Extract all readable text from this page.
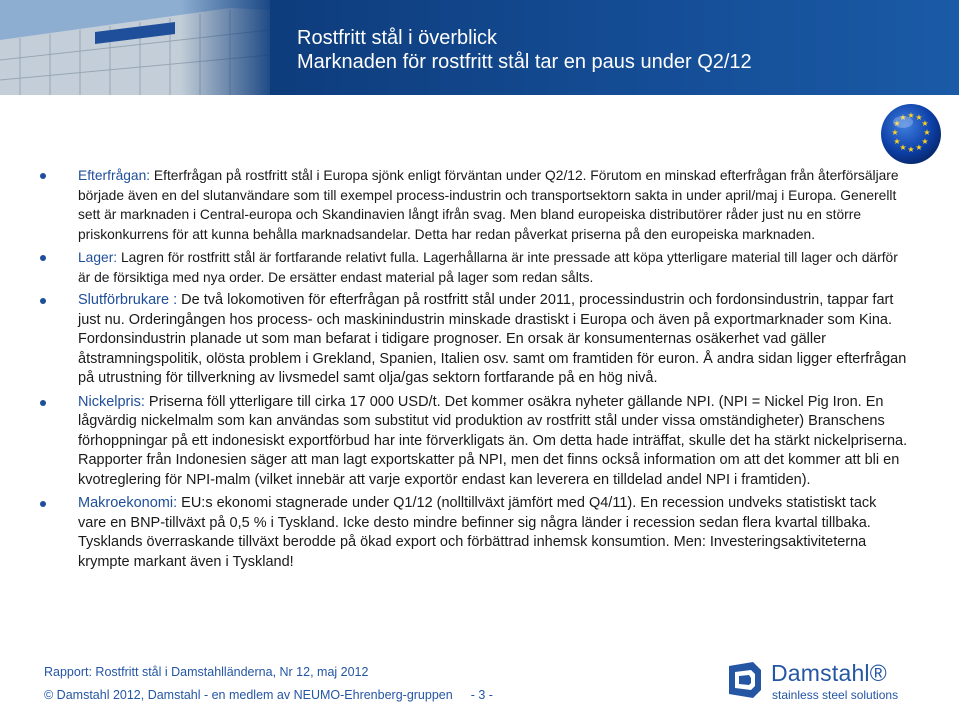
Rostfritt stål i överblick
Marknaden för rostfritt stål tar en paus under Q2/12
★ ★
★
★
★
★
★
★
★
★
★
★
Efterfrågan: Efterfrågan på rostfritt stål i Europa sjönk enligt förväntan under Q2/12. Förutom en minskad efterfrågan från återförsäljare började även en del slutanvändare som till exempel process-industrin och transportsektorn sakta in under april/maj i Europa. Generellt sett är marknaden i Central-europa och Skandinavien långt ifrån svag. Men bland europeiska distributörer råder just nu en större priskonkurrens för att kunna behålla marknadsandelar. Detta har redan påverkat priserna på den europeiska marknaden.
Lager: Lagren för rostfritt stål är fortfarande relativt fulla. Lagerhållarna är inte pressade att köpa ytterligare material till lager och därför är de försiktiga med nya order. De ersätter endast material på lager som redan sålts.
Slutförbrukare : De två lokomotiven för efterfrågan på rostfritt stål under 2011, processindustrin och fordonsindustrin, tappar fart just nu. Orderingången hos process- och maskinindustrin minskade drastiskt i Europa och även på exportmarknader som Kina. Fordonsindustrin planade ut som man befarat i tidigare prognoser. En orsak är konsumenternas osäkerhet vad gäller åtstramningspolitik, olösta problem i Grekland, Spanien, Italien osv. samt om framtiden för euron. Å andra sidan ligger efterfrågan på utrustning för tillverkning av livsmedel samt olja/gas sektorn fortfarande på en hög nivå.
Nickelpris: Priserna föll ytterligare till cirka 17 000 USD/t. Det kommer osäkra nyheter gällande NPI. (NPI = Nickel Pig Iron. En lågvärdig nickelmalm som kan användas som substitut vid produktion av rostfritt stål under vissa omständigheter) Branschens förhoppningar på ett indonesiskt exportförbud har inte förverkligats än. Om detta hade inträffat, skulle det ha stärkt nickelpriserna. Rapporter från Indonesien säger att man lagt exportskatter på NPI, men det finns också information om att det kommer att bli en kvotreglering för NPI-malm (vilket innebär att varje exportör endast kan leverera en tilldelad andel NPI i framtiden).
Makroekonomi: EU:s ekonomi stagnerade under Q1/12 (nolltillväxt jämfört med Q4/11). En recession undveks statistiskt tack vare en BNP-tillväxt på 0,5 % i Tyskland. Icke desto mindre befinner sig några länder i recession sedan flera kvartal tillbaka. Tysklands överraskande tillväxt berodde på ökad export och förbättrad inhemsk konsumtion. Men: Investeringsaktiviteterna krympte markant även i Tyskland!
Rapport: Rostfritt stål i Damstahlländerna, Nr 12, maj 2012
© Damstahl 2012, Damstahl - en medlem av NEUMO-Ehrenberg-gruppen - 3 -
Damstahl®
stainless steel solutions
